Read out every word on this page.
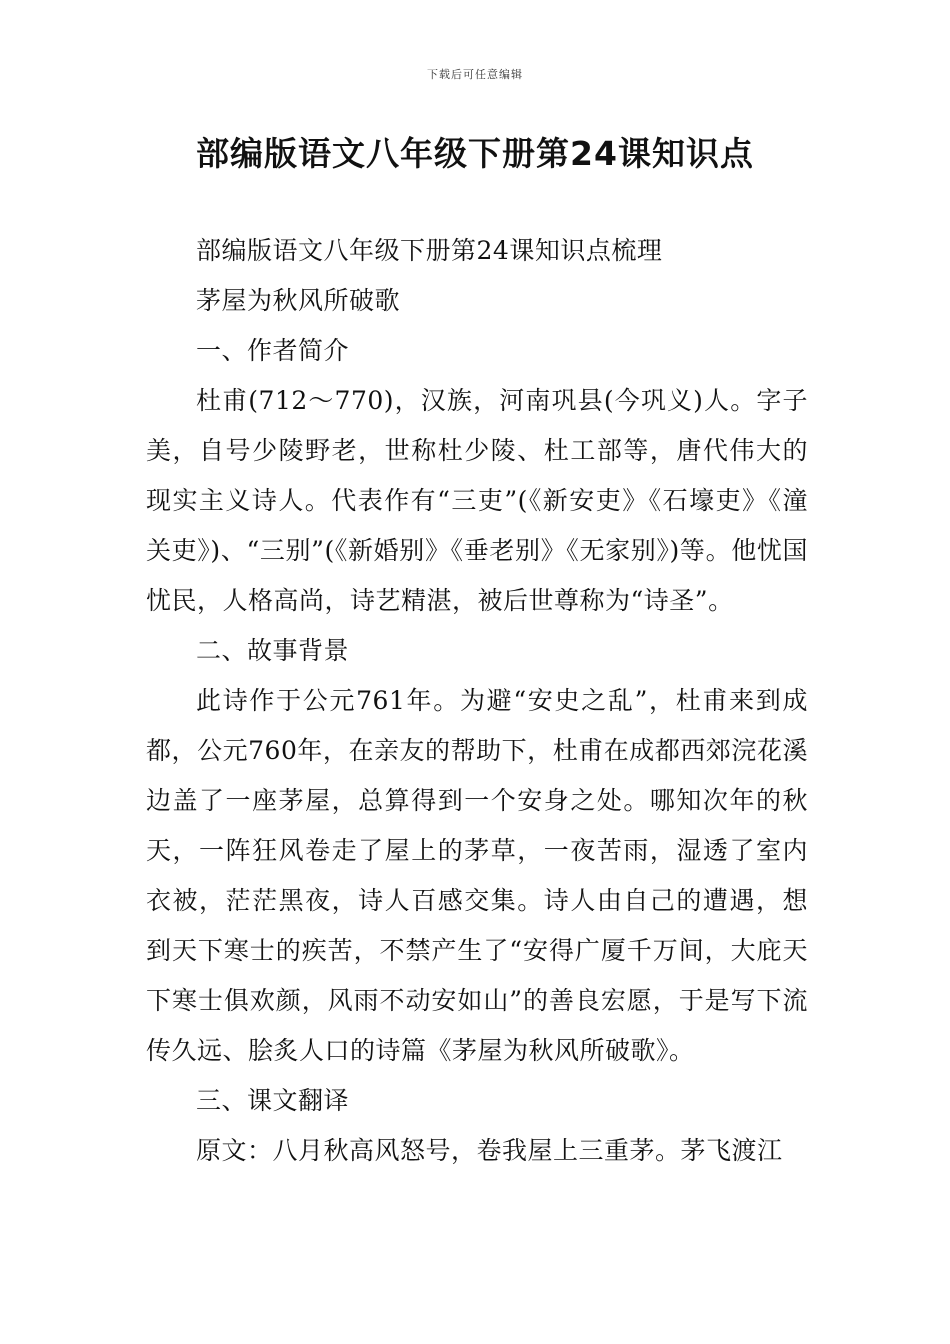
下载后可任意编辑
部编版语文八年级下册第24课知识点

部编版语文八年级下册第24课知识点梳理

茅屋为秋风所破歌

一、作者简介

杜甫(712～770)，汉族，河南巩县(今巩义)人。字子美，自号少陵野老，世称杜少陵、杜工部等，唐代伟大的现实主义诗人。代表作有“三吏”(《新安吏》《石壕吏》《潼关吏》)、“三别”(《新婚别》《垂老别》《无家别》)等。他忧国忧民，人格高尚，诗艺精湛，被后世尊称为“诗圣”。

二、故事背景

此诗作于公元761年。为避“安史之乱”，杜甫来到成都，公元760年，在亲友的帮助下，杜甫在成都西郊浣花溪边盖了一座茅屋，总算得到一个安身之处。哪知次年的秋天，一阵狂风卷走了屋上的茅草，一夜苦雨，湿透了室内衣被，茫茫黑夜，诗人百感交集。诗人由自己的遭遇，想到天下寒士的疾苦，不禁产生了“安得广厦千万间，大庇天下寒士俱欢颜，风雨不动安如山”的善良宏愿，于是写下流传久远、脍炙人口的诗篇《茅屋为秋风所破歌》。

三、课文翻译

原文：八月秋高风怒号，卷我屋上三重茅。茅飞渡江
